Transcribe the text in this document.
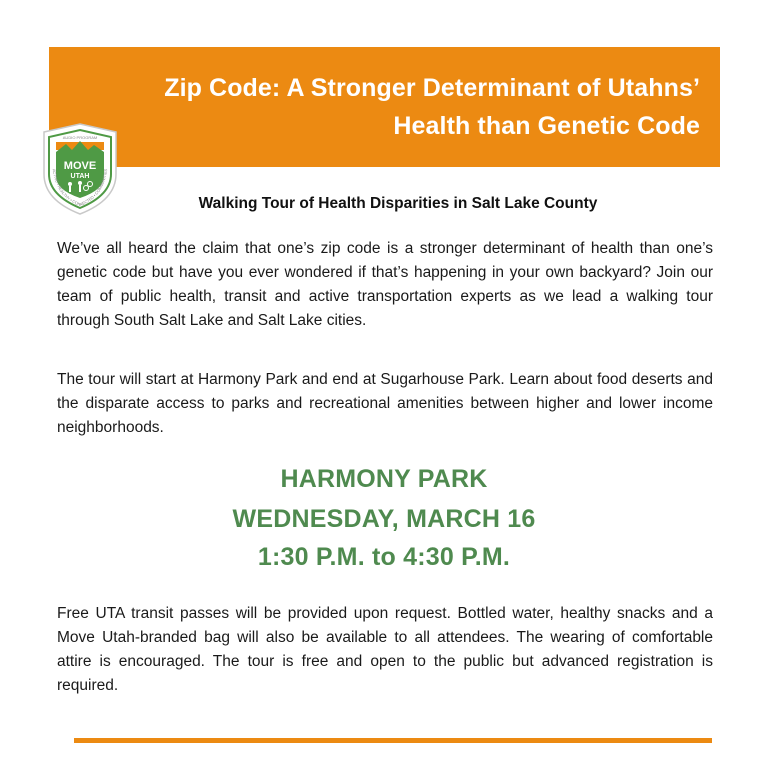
Zip Code: A Stronger Determinant of Utahns’
Health than Genetic Code
AUDIO PROGRAM
MOVE
UTAH
ACTIVE • HEALTHY • CONNECTED • COMMUNITIES
Walking Tour of Health Disparities in Salt Lake County
We’ve all heard the claim that one’s zip code is a stronger determinant of health than one’s genetic code but have you ever wondered if that’s happening in your own backyard? Join our team of public health, transit and active transportation experts as we lead a walking tour through South Salt Lake and Salt Lake cities.
The tour will start at Harmony Park and end at Sugarhouse Park. Learn about food deserts and the disparate access to parks and recreational amenities between higher and lower income neighborhoods.
HARMONY PARK
WEDNESDAY, MARCH 16
1:30 P.M. to 4:30 P.M.
Free UTA transit passes will be provided upon request. Bottled water, healthy snacks and a Move Utah-branded bag will also be available to all attendees. The wearing of comfortable attire is encouraged. The tour is free and open to the public but advanced registration is required.
